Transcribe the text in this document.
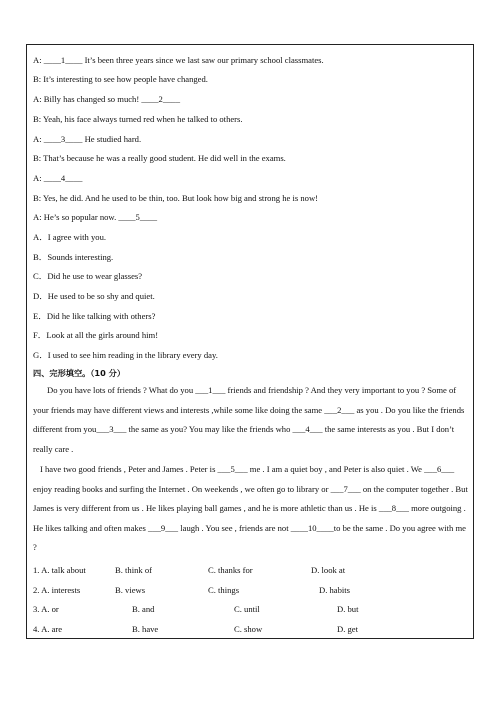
A: ____1____ It’s been three years since we last saw our primary school classmates.
B: It’s interesting to see how people have changed.
A: Billy has changed so much! ____2____
B: Yeah, his face always turned red when he talked to others.
A: ____3____ He studied hard.
B: That’s because he was a really good student. He did well in the exams.
A: ____4____
B: Yes, he did. And he used to be thin, too. But look how big and strong he is now!
A: He’s so popular now. ____5____
A．I agree with you.
B．Sounds interesting.
C．Did he use to wear glasses?
D．He used to be so shy and quiet.
E．Did he like talking with others?
F．Look at all the girls around him!
G．I used to see him reading in the library every day.
四、完形填空。（10 分）
Do you have lots of friends ? What do you ___1___ friends and friendship ? And they very important to you ? Some of your friends may have different views and interests ,while some like doing the same ___2___ as you . Do you like the friends different from you___3___ the same as you? You may like the friends who ___4___ the same interests as you . But I don’t really care .
I have two good friends , Peter and James . Peter is ___5___ me . I am a quiet boy , and Peter is also quiet . We ___6___ enjoy reading books and surfing the Internet . On weekends , we often go to library or ___7___ on the computer together . But James is very different from us . He likes playing ball games , and he is more athletic than us . He is ___8___ more outgoing . He likes talking and often makes ___9___ laugh . You see , friends are not ____10____to be the same . Do you agree with me ?
1. A. talk about	B. think of	C. thanks for	D. look at
2. A. interests	B. views	C. things	D. habits
3. A. or	B. and	C. until	D. but
4. A. are	B. have	C. show	D. get
